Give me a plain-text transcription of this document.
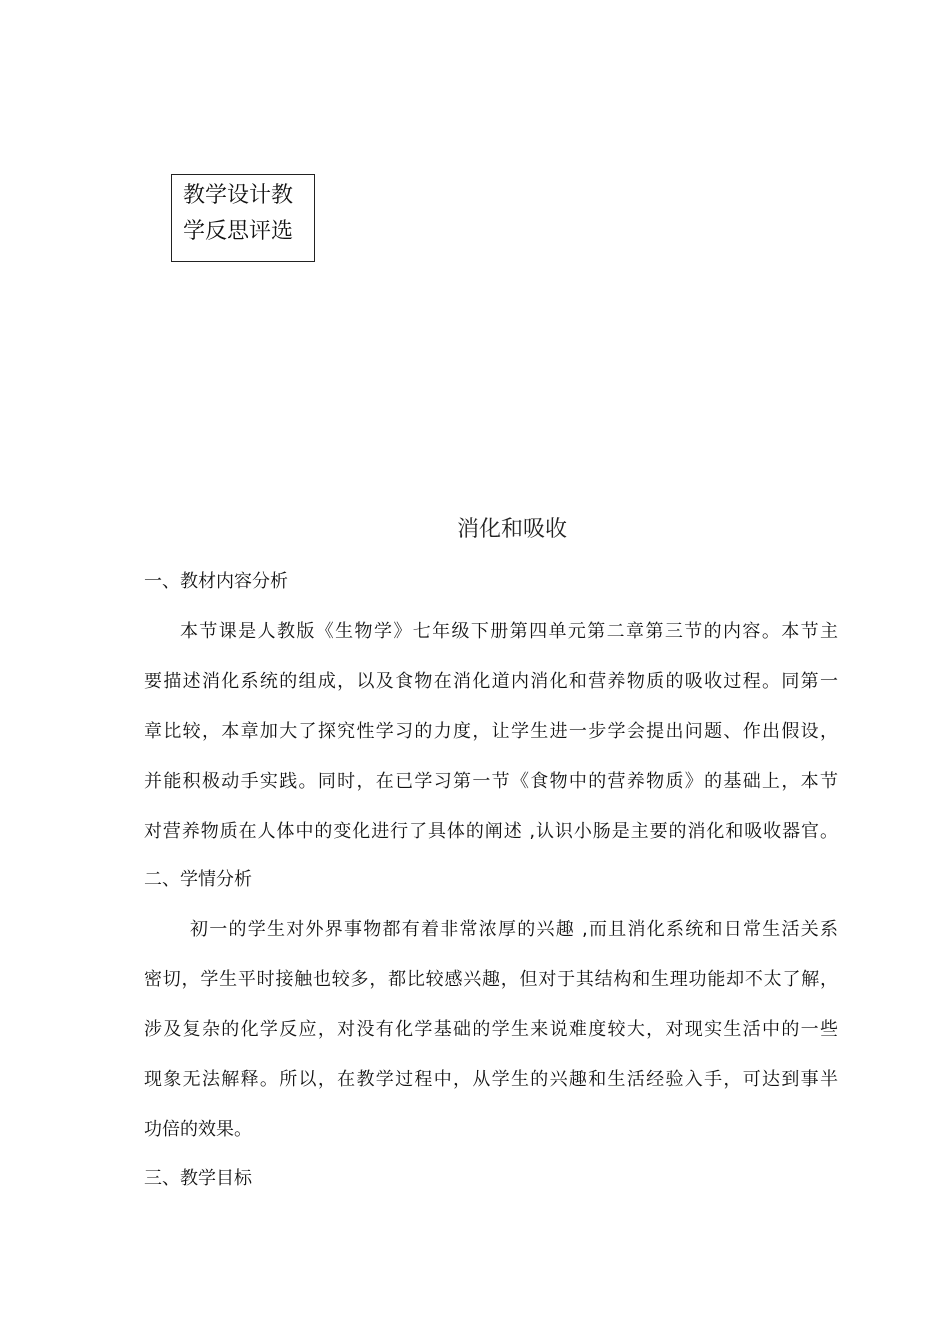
教学设计教
学反思评选
消化和吸收
一、教材内容分析
本节课是人教版《生物学》七年级下册第四单元第二章第三节的内容。本节主
要描述消化系统的组成，以及食物在消化道内消化和营养物质的吸收过程。同第一
章比较，本章加大了探究性学习的力度，让学生进一步学会提出问题、作出假设，
并能积极动手实践。同时，在已学习第一节《食物中的营养物质》的基础上，本节
对营养物质在人体中的变化进行了具体的阐述 ,认识小肠是主要的消化和吸收器官。
二、学情分析
初一的学生对外界事物都有着非常浓厚的兴趣 ,而且消化系统和日常生活关系
密切，学生平时接触也较多，都比较感兴趣，但对于其结构和生理功能却不太了解，
涉及复杂的化学反应，对没有化学基础的学生来说难度较大，对现实生活中的一些
现象无法解释。所以，在教学过程中，从学生的兴趣和生活经验入手，可达到事半
功倍的效果。
三、教学目标
